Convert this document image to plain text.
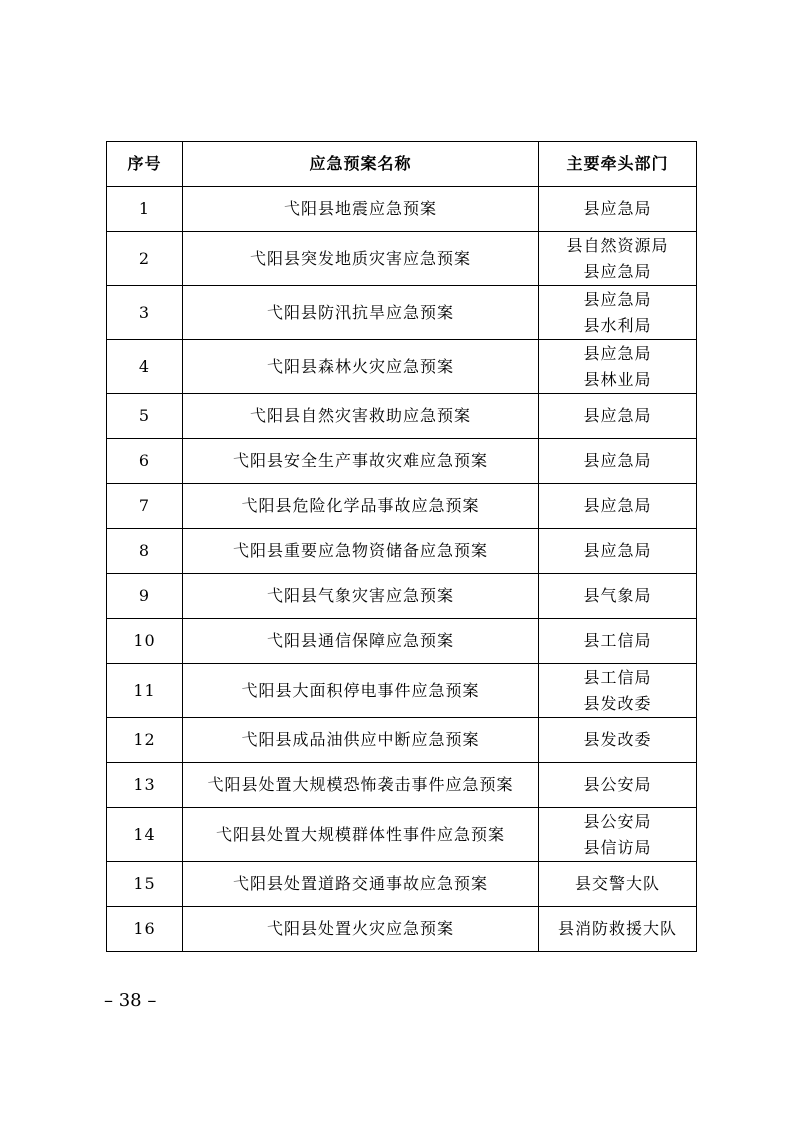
序号	应急预案名称	主要牵头部门
1	弋阳县地震应急预案	县应急局

2	弋阳县突发地质灾害应急预案	县自然资源局
县应急局

3	弋阳县防汛抗旱应急预案	县应急局
县水利局

4	弋阳县森林火灾应急预案	县应急局
县林业局

5	弋阳县自然灾害救助应急预案	县应急局

6	弋阳县安全生产事故灾难应急预案	县应急局

7	弋阳县危险化学品事故应急预案	县应急局

8	弋阳县重要应急物资储备应急预案	县应急局

9	弋阳县气象灾害应急预案	县气象局

10	弋阳县通信保障应急预案	县工信局

11	弋阳县大面积停电事件应急预案	县工信局
县发改委

12	弋阳县成品油供应中断应急预案	县发改委

13	弋阳县处置大规模恐怖袭击事件应急预案	县公安局

14	弋阳县处置大规模群体性事件应急预案	县公安局
县信访局

15	弋阳县处置道路交通事故应急预案	县交警大队

16	弋阳县处置火灾应急预案	县消防救援大队
– 38 –
